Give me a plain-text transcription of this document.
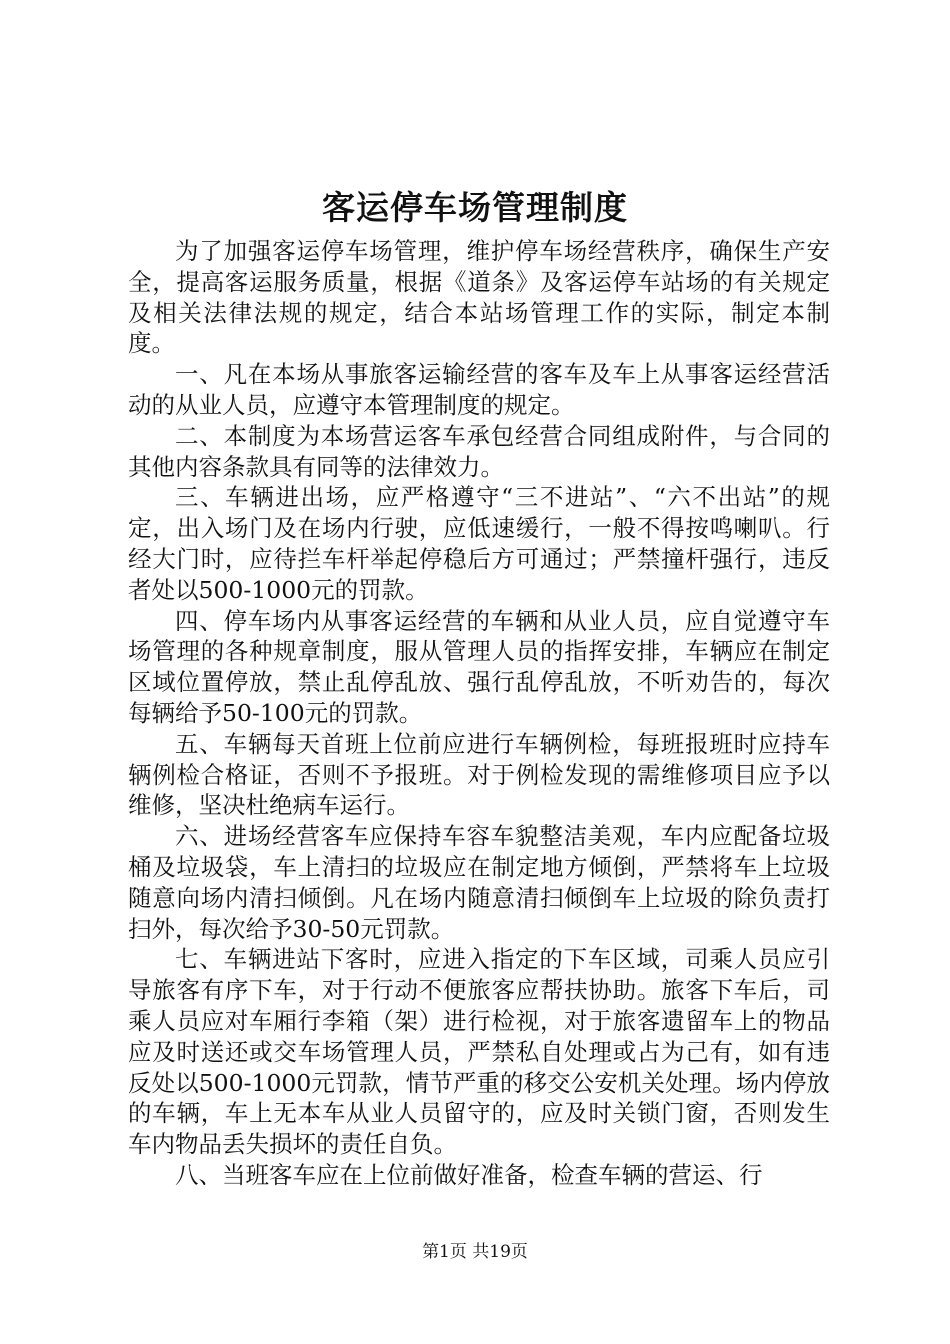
客运停车场管理制度

为了加强客运停车场管理，维护停车场经营秩序，确保生产安全，提高客运服务质量，根据《道条》及客运停车站场的有关规定及相关法律法规的规定，结合本站场管理工作的实际，制定本制度。

一、凡在本场从事旅客运输经营的客车及车上从事客运经营活动的从业人员，应遵守本管理制度的规定。

二、本制度为本场营运客车承包经营合同组成附件，与合同的其他内容条款具有同等的法律效力。

三、车辆进出场，应严格遵守“三不进站”、“六不出站”的规定，出入场门及在场内行驶，应低速缓行，一般不得按鸣喇叭。行经大门时，应待拦车杆举起停稳后方可通过；严禁撞杆强行，违反者处以500-1000元的罚款。

四、停车场内从事客运经营的车辆和从业人员，应自觉遵守车场管理的各种规章制度，服从管理人员的指挥安排，车辆应在制定区域位置停放，禁止乱停乱放、强行乱停乱放，不听劝告的，每次每辆给予50-100元的罚款。

五、车辆每天首班上位前应进行车辆例检，每班报班时应持车辆例检合格证，否则不予报班。对于例检发现的需维修项目应予以维修，坚决杜绝病车运行。

六、进场经营客车应保持车容车貌整洁美观，车内应配备垃圾桶及垃圾袋，车上清扫的垃圾应在制定地方倾倒，严禁将车上垃圾随意向场内清扫倾倒。凡在场内随意清扫倾倒车上垃圾的除负责打扫外，每次给予30-50元罚款。

七、车辆进站下客时，应进入指定的下车区域，司乘人员应引导旅客有序下车，对于行动不便旅客应帮扶协助。旅客下车后，司乘人员应对车厢行李箱（架）进行检视，对于旅客遗留车上的物品应及时送还或交车场管理人员，严禁私自处理或占为己有，如有违反处以500-1000元罚款，情节严重的移交公安机关处理。场内停放的车辆，车上无本车从业人员留守的，应及时关锁门窗，否则发生车内物品丢失损坏的责任自负。

八、当班客车应在上位前做好准备，检查车辆的营运、行

第1页 共19页
